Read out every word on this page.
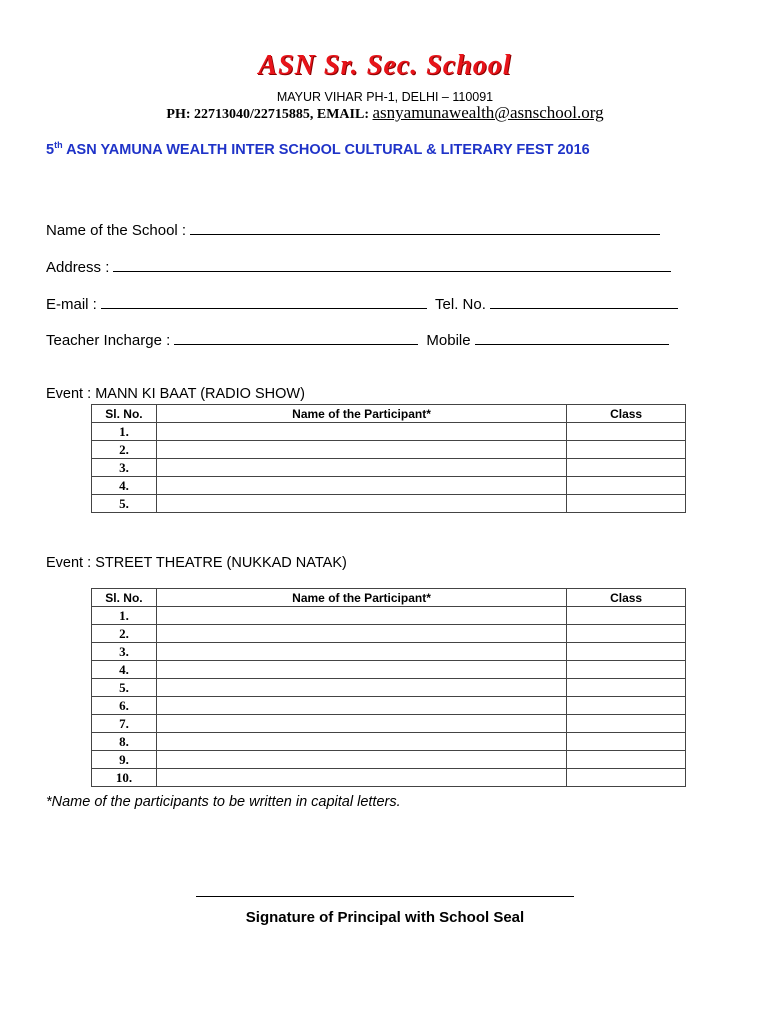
ASN Sr. Sec. School
MAYUR VIHAR PH-1, DELHI – 110091
PH: 22713040/22715885, EMAIL: asnyamunawealth@asnschool.org
5th ASN YAMUNA WEALTH INTER SCHOOL CULTURAL & LITERARY FEST 2016
Name of the School :
Address :
E-mail :	Tel. No.
Teacher Incharge :	Mobile
Event : MANN KI BAAT (RADIO SHOW)
Sl. No.	Name of the Participant*	Class
1.		
2.		
3.		
4.		
5.		
Event : STREET THEATRE (NUKKAD NATAK)
Sl. No.	Name of the Participant*	Class
1.		
2.		
3.		
4.		
5.		
6.		
7.		
8.		
9.		
10.		
*Name of the participants to be written in capital letters.
Signature of Principal with School Seal
